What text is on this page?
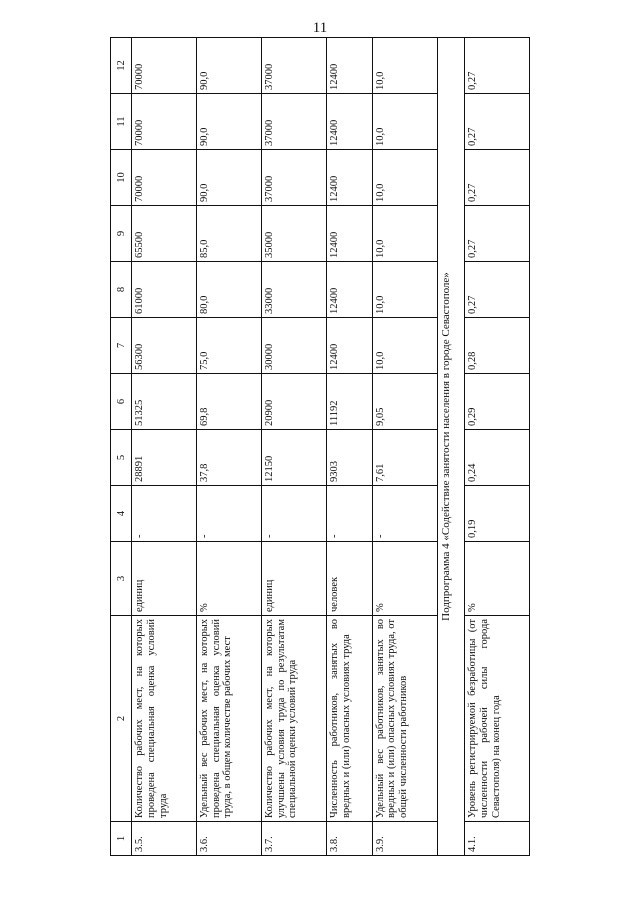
11
1	2	3	4	5	6	7	8	9	10	11	12
3.5.	Количество рабочих мест, на которых проведена специальная оценка условий труда	единиц	-	28891	51325	56300	61000	65500	70000	70000	70000
3.6.	Удельный вес рабочих мест, на которых проведена специальная оценка условий труда, в общем количестве рабочих мест	%	-	37,8	69,8	75,0	80,0	85,0	90,0	90,0	90,0
3.7.	Количество рабочих мест, на которых улучшены условия труда по результатам специальной оценки условий труда	единиц	-	12150	20900	30000	33000	35000	37000	37000	37000
3.8.	Численность работников, занятых во вредных и (или) опасных условиях труда	человек	-	9303	11192	12400	12400	12400	12400	12400	12400
3.9.	Удельный вес работников, занятых во вредных и (или) опасных условиях труда, от общей численности работников	%	-	7,61	9,05	10,0	10,0	10,0	10,0	10,0	10,0
Подпрограмма 4 «Содействие занятости населения в городе Севастополе»											
4.1.	Уровень регистрируемой безработицы (от численности рабочей силы города Севастополя) на конец года	%	0,19	0,24	0,29	0,28	0,27	0,27	0,27	0,27	0,27
